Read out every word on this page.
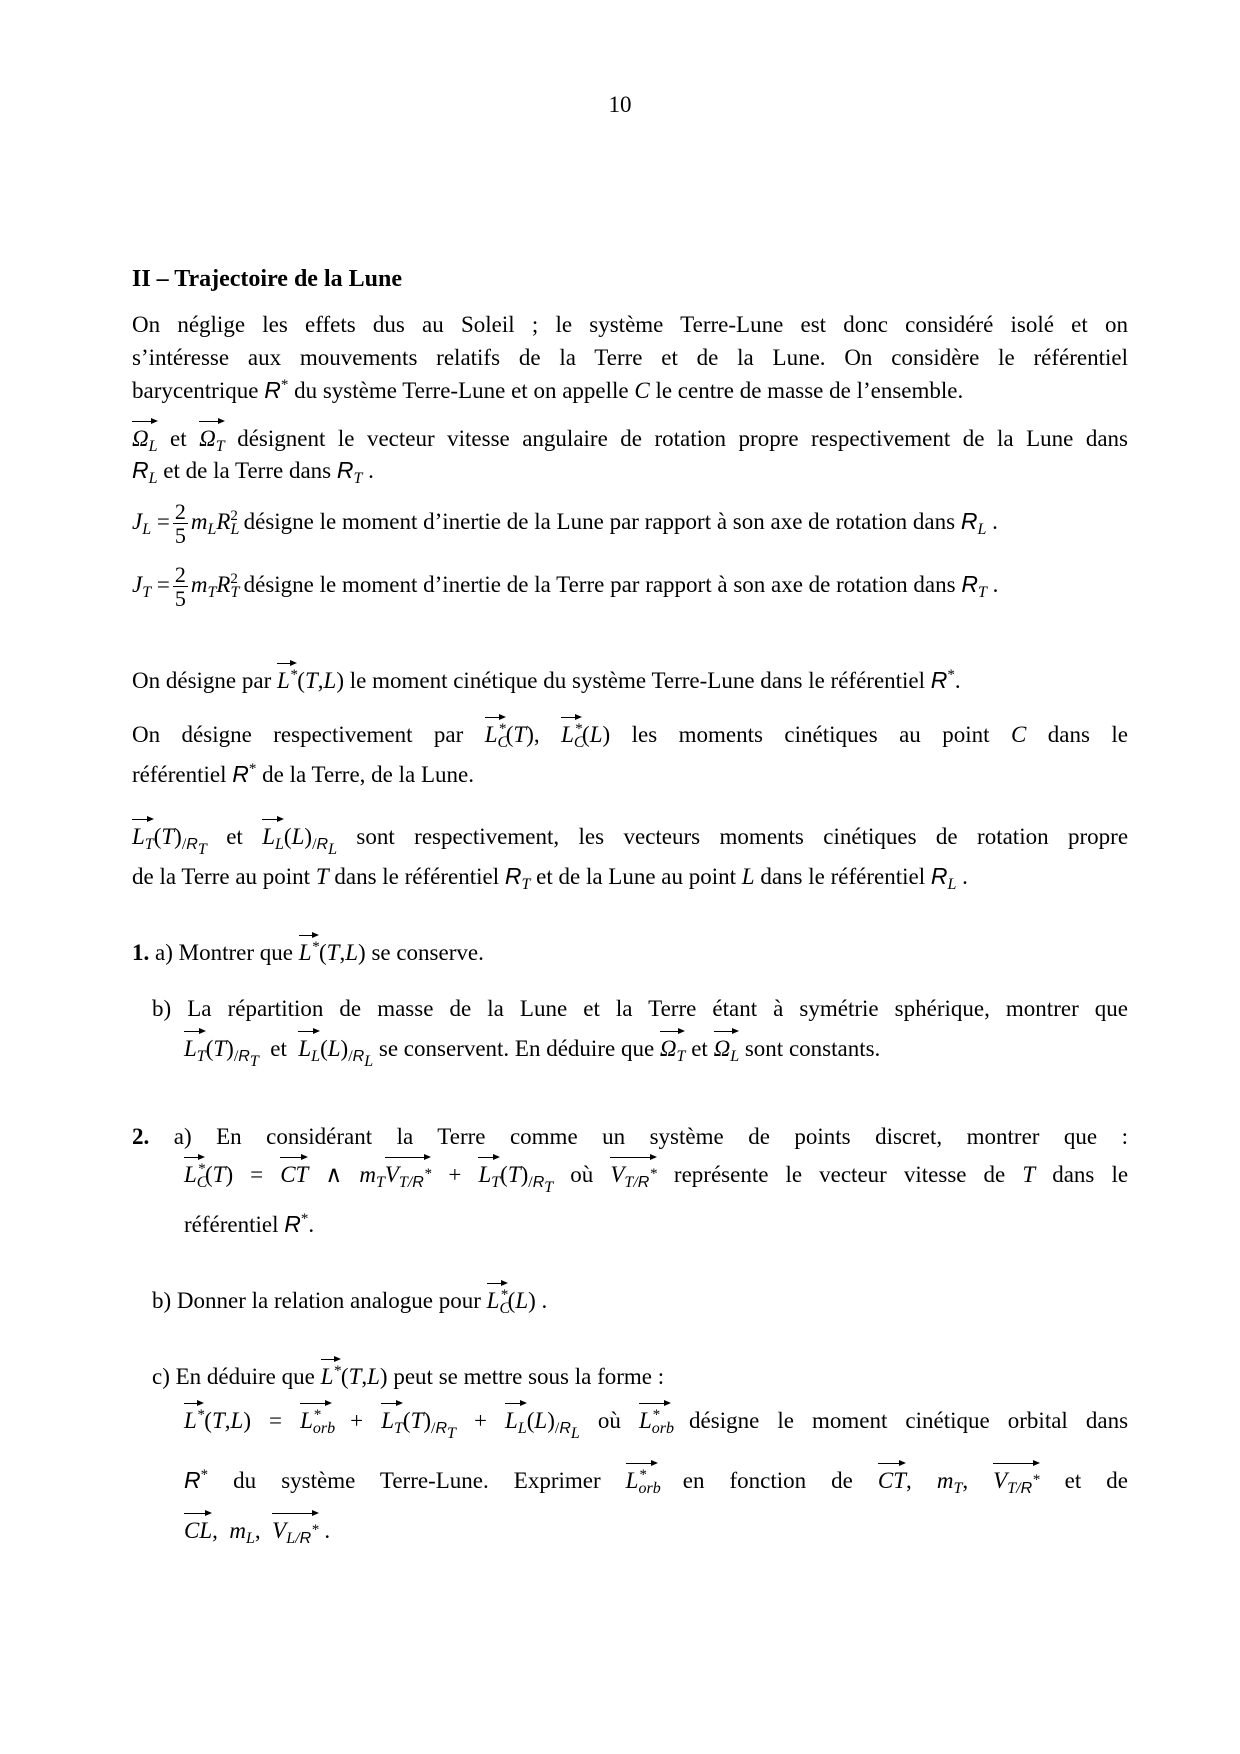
10
II – Trajectoire de la Lune
On néglige les effets dus au Soleil ; le système Terre-Lune est donc considéré isolé et on
s’intéresse aux mouvements relatifs de la Terre et de la Lune. On considère le référentiel
barycentrique R* du système Terre-Lune et on appelle C le centre de masse de l’ensemble.
$\Omega_L$ et $\Omega_T$ désignent le vecteur vitesse angulaire de rotation propre respectivement de la Lune dans
$R_L$ et de la Terre dans $R_T$ .
$J_L = \frac{2}{5} m_LR_L^2$ désigne le moment d’inertie de la Lune par rapport à son axe de rotation dans $R_L$ .
$J_T = \frac{2}{5} m_TR_T^2$ désigne le moment d’inertie de la Terre par rapport à son axe de rotation dans $R_T$ .
On désigne par L*(T,L) le moment cinétique du système Terre-Lune dans le référentiel R*.
On désigne respectivement par $L_C^*(T)$, $L_C^*(L)$ les moments cinétiques au point C dans le
référentiel R* de la Terre, de la Lune.
$L_T(T)_{/R_T}$ et $L_L(L)_{/R_L}$ sont respectivement, les vecteurs moments cinétiques de rotation propre
de la Terre au point T dans le référentiel $R_T$ et de la Lune au point L dans le référentiel $R_L$ .
1. a) Montrer que L*(T,L) se conserve.
b) La répartition de masse de la Lune et la Terre étant à symétrie sphérique, montrer que
$L_T(T)_{/R_T}$  et $L_L(L)_{/R_L}$ se conservent. En déduire que $\Omega_T$ et $\Omega_L$ sont constants.
2. a) En considérant la Terre comme un système de points discret, montrer que :
$L_C^*(T)$ = CT ∧ $m_TV_{T/R^*} + L_T(T)_{/R_T}$ où $V_{T/R^*}$ représente le vecteur vitesse de T dans le
référentiel R*.
b) Donner la relation analogue pour $L_C^*(L)$ .
c) En déduire que L*(T,L) peut se mettre sous la forme :
$L^*(T,L) = L_{orb}^* + L_T(T)_{/R_T} + L_L(L)_{/R_L}$ où $L_{orb}^*$ désigne le moment cinétique orbital dans
R* du système Terre-Lune. Exprimer $L_{orb}^*$ en fonction de CT, $m_T$, $V_{T/R^*}$ et de
CL,  $m_L$,  $V_{L/R^*}$ .
